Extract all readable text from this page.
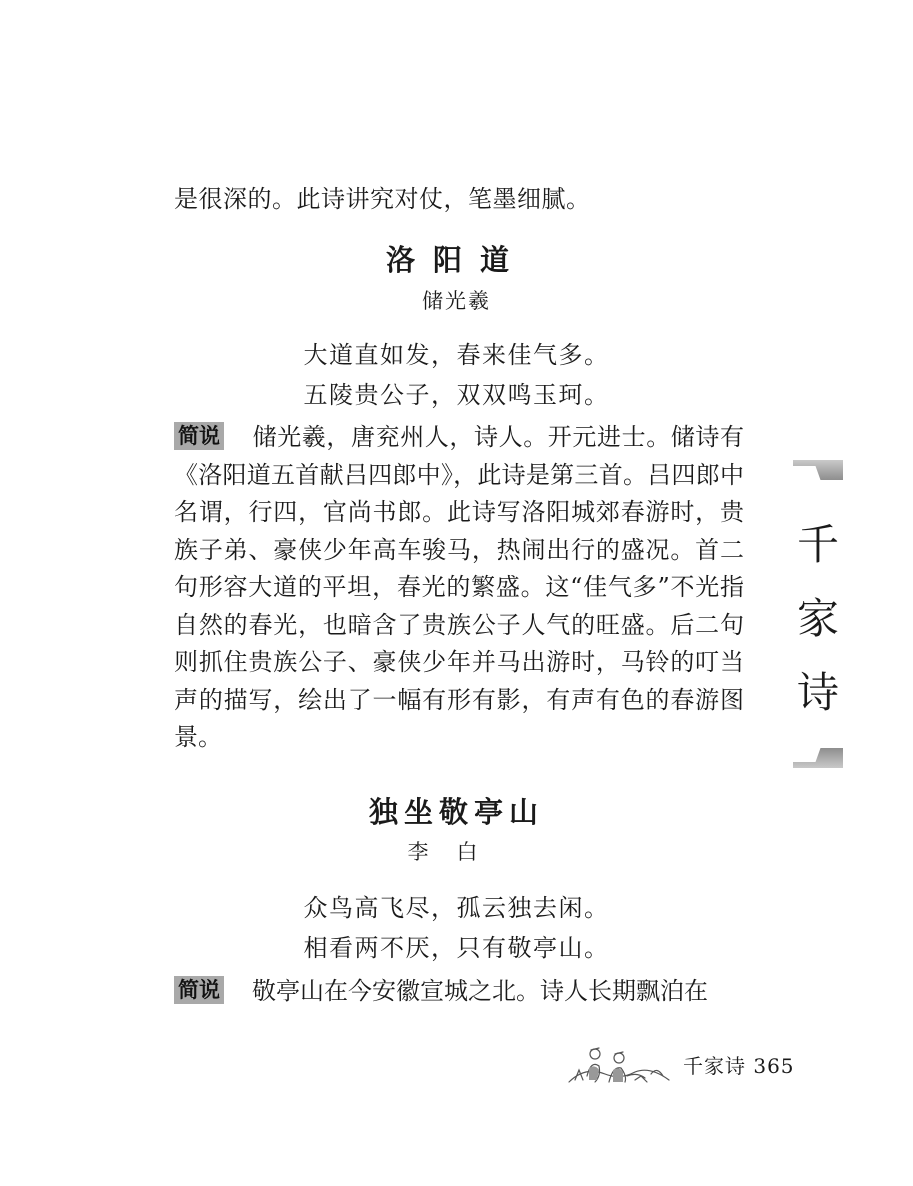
是很深的。此诗讲究对仗，笔墨细腻。
洛阳道
储光羲
大道直如发，春来佳气多。
五陵贵公子，双双鸣玉珂。
简说 储光羲，唐兖州人，诗人。开元进士。储诗有《洛阳道五首献吕四郎中》，此诗是第三首。吕四郎中名谓，行四，官尚书郎。此诗写洛阳城郊春游时，贵族子弟、豪侠少年高车骏马，热闹出行的盛况。首二句形容大道的平坦，春光的繁盛。这“佳气多”不光指自然的春光，也暗含了贵族公子人气的旺盛。后二句则抓住贵族公子、豪侠少年并马出游时，马铃的叮当声的描写，绘出了一幅有形有影，有声有色的春游图景。
独坐敬亭山
李白
众鸟高飞尽，孤云独去闲。
相看两不厌，只有敬亭山。
简说 敬亭山在今安徽宣城之北。诗人长期飘泊在
千
家
诗
千家诗 365
